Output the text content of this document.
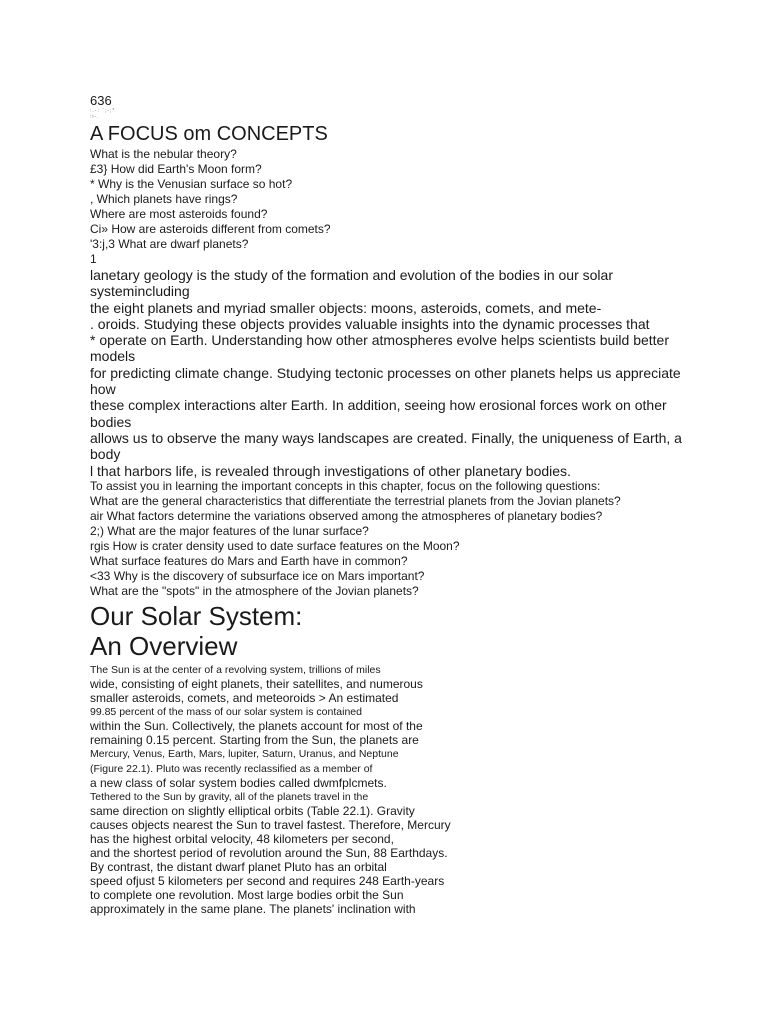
636

:.-: ¨;-;*

:i-.

A FOCUS om CONCEPTS
What is the nebular theory?
£3} How did Earth's Moon form?
* Why is the Venusian surface so hot?
, Which planets have rings?
Where are most asteroids found?
Ci» How are asteroids different from comets?
'3:j,3 What are dwarf planets?
1

lanetary geology is the study of the formation and evolution of the bodies in our solar

systemincluding

the eight planets and myriad smaller objects: moons, asteroids, comets, and mete-

. oroids. Studying these objects provides valuable insights into the dynamic processes that

* operate on Earth. Understanding how other atmospheres evolve helps scientists build better

models

for predicting climate change. Studying tectonic processes on other planets helps us appreciate

how

these complex interactions alter Earth. In addition, seeing how erosional forces work on other

bodies

allows us to observe the many ways landscapes are created. Finally, the uniqueness of Earth, a

body

l that harbors life, is revealed through investigations of other planetary bodies.

To assist you in learning the important concepts in this chapter, focus on the following questions:

What are the general characteristics that differentiate the terrestrial planets from the Jovian planets?

air What factors determine the variations observed among the atmospheres of planetary bodies?

2;) What are the major features of the lunar surface?

rgis How is crater density used to date surface features on the Moon?

What surface features do Mars and Earth have in common?

<33 Why is the discovery of subsurface ice on Mars important?

What are the "spots" in the atmosphere of the Jovian planets?

Our Solar System:
An Overview

The Sun is at the center of a revolving system, trillions of miles

wide, consisting of eight planets, their satellites, and numerous

smaller asteroids, comets, and meteoroids > An estimated

99.85 percent of the mass of our solar system is contained

within the Sun. Collectively, the planets account for most of the

remaining 0.15 percent. Starting from the Sun, the planets are

Mercury, Venus, Earth, Mars, lupiter, Saturn, Uranus, and Neptune

(Figure 22.1). Pluto was recently reclassified as a member of

a new class of solar system bodies called dwmfplcmets.

Tethered to the Sun by gravity, all of the planets travel in the

same direction on slightly elliptical orbits (Table 22.1). Gravity

causes objects nearest the Sun to travel fastest. Therefore, Mercury

has the highest orbital velocity, 48 kilometers per second,

and the shortest period of revolution around the Sun, 88 Earthdays.

By contrast, the distant dwarf planet Pluto has an orbital

speed ofjust 5 kilometers per second and requires 248 Earth-years

to complete one revolution. Most large bodies orbit the Sun

approximately in the same plane. The planets' inclination with
